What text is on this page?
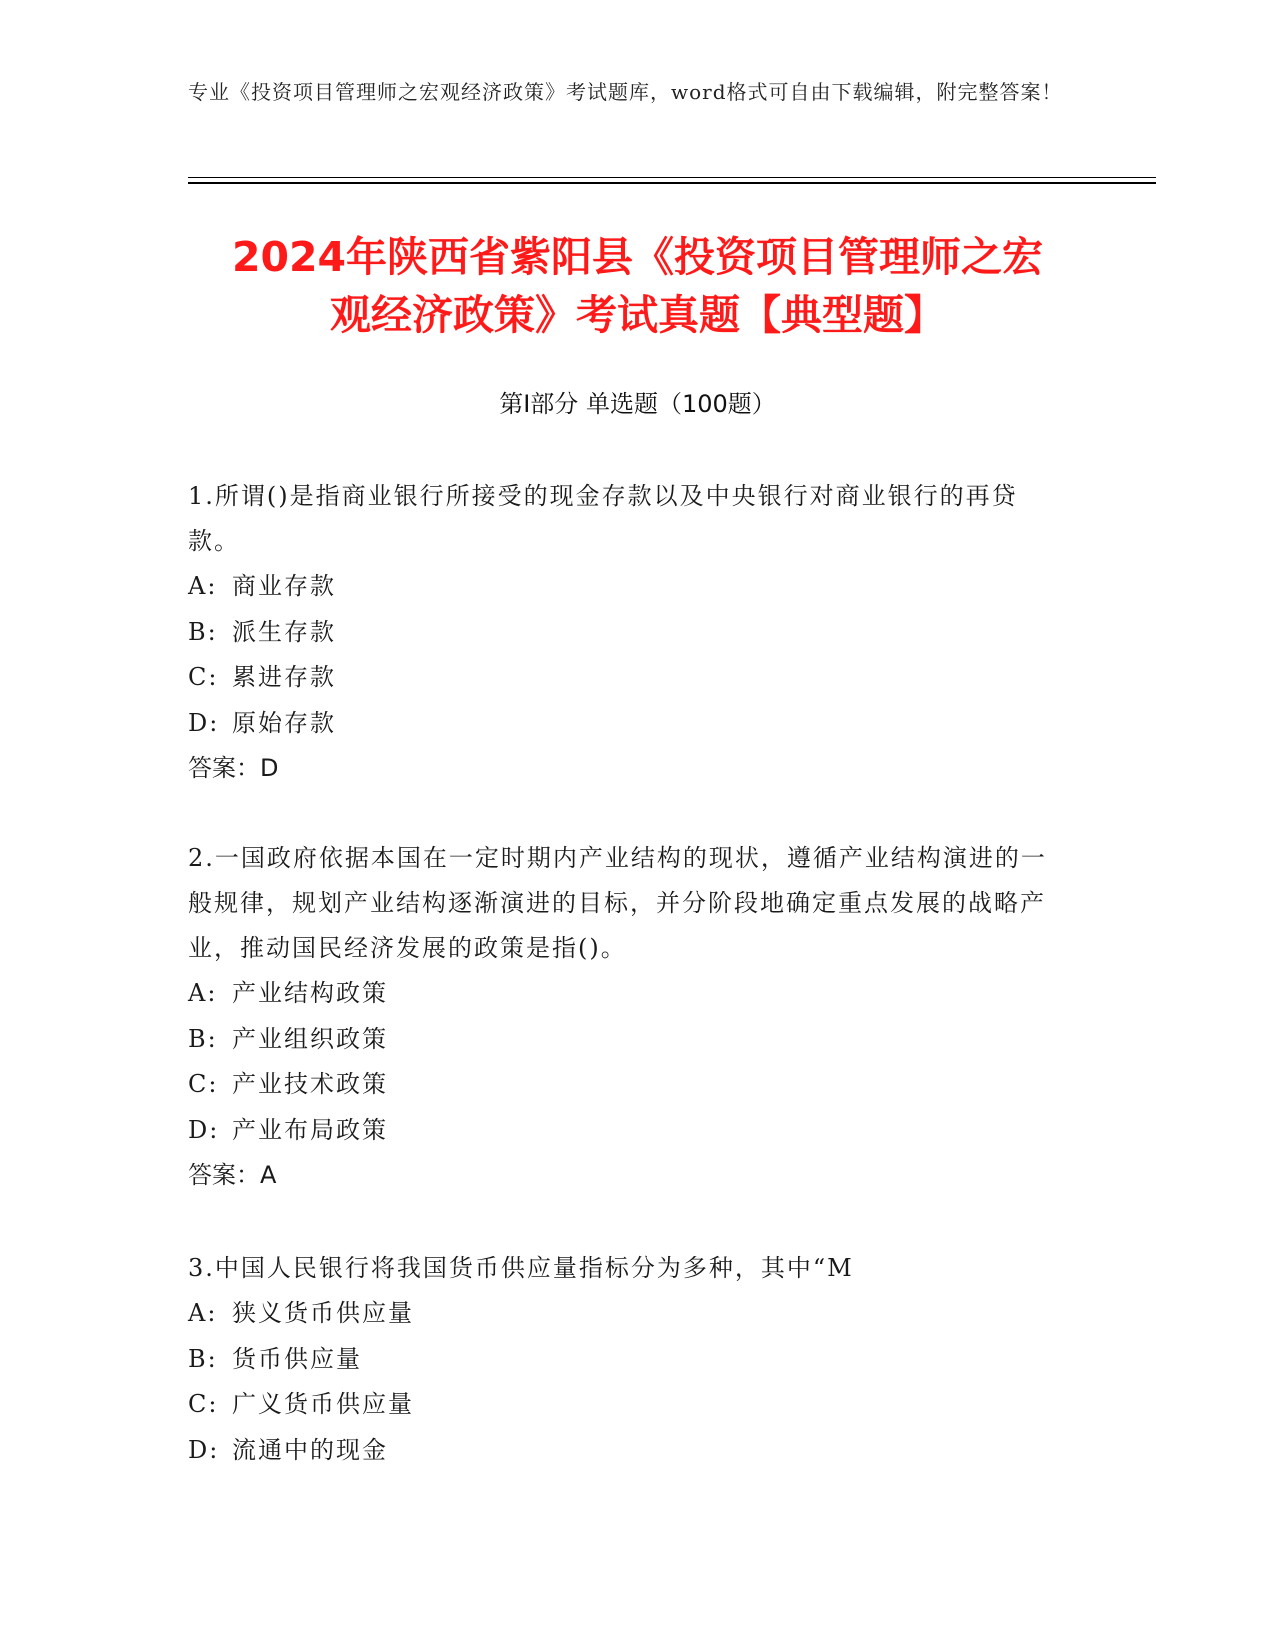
专业《投资项目管理师之宏观经济政策》考试题库，word格式可自由下载编辑，附完整答案！
2024年陕西省紫阳县《投资项目管理师之宏
观经济政策》考试真题【典型题】
第Ⅰ部分 单选题（100题）

1.所谓()是指商业银行所接受的现金存款以及中央银行对商业银行的再贷款。

A: 商业存款

B: 派生存款

C: 累进存款

D: 原始存款

答案：D

2.一国政府依据本国在一定时期内产业结构的现状，遵循产业结构演进的一般规律，规划产业结构逐渐演进的目标，并分阶段地确定重点发展的战略产业，推动国民经济发展的政策是指()。

A: 产业结构政策

B: 产业组织政策

C: 产业技术政策

D: 产业布局政策

答案：A

3.中国人民银行将我国货币供应量指标分为多种，其中“M

A: 狭义货币供应量

B: 货币供应量

C: 广义货币供应量

D: 流通中的现金
